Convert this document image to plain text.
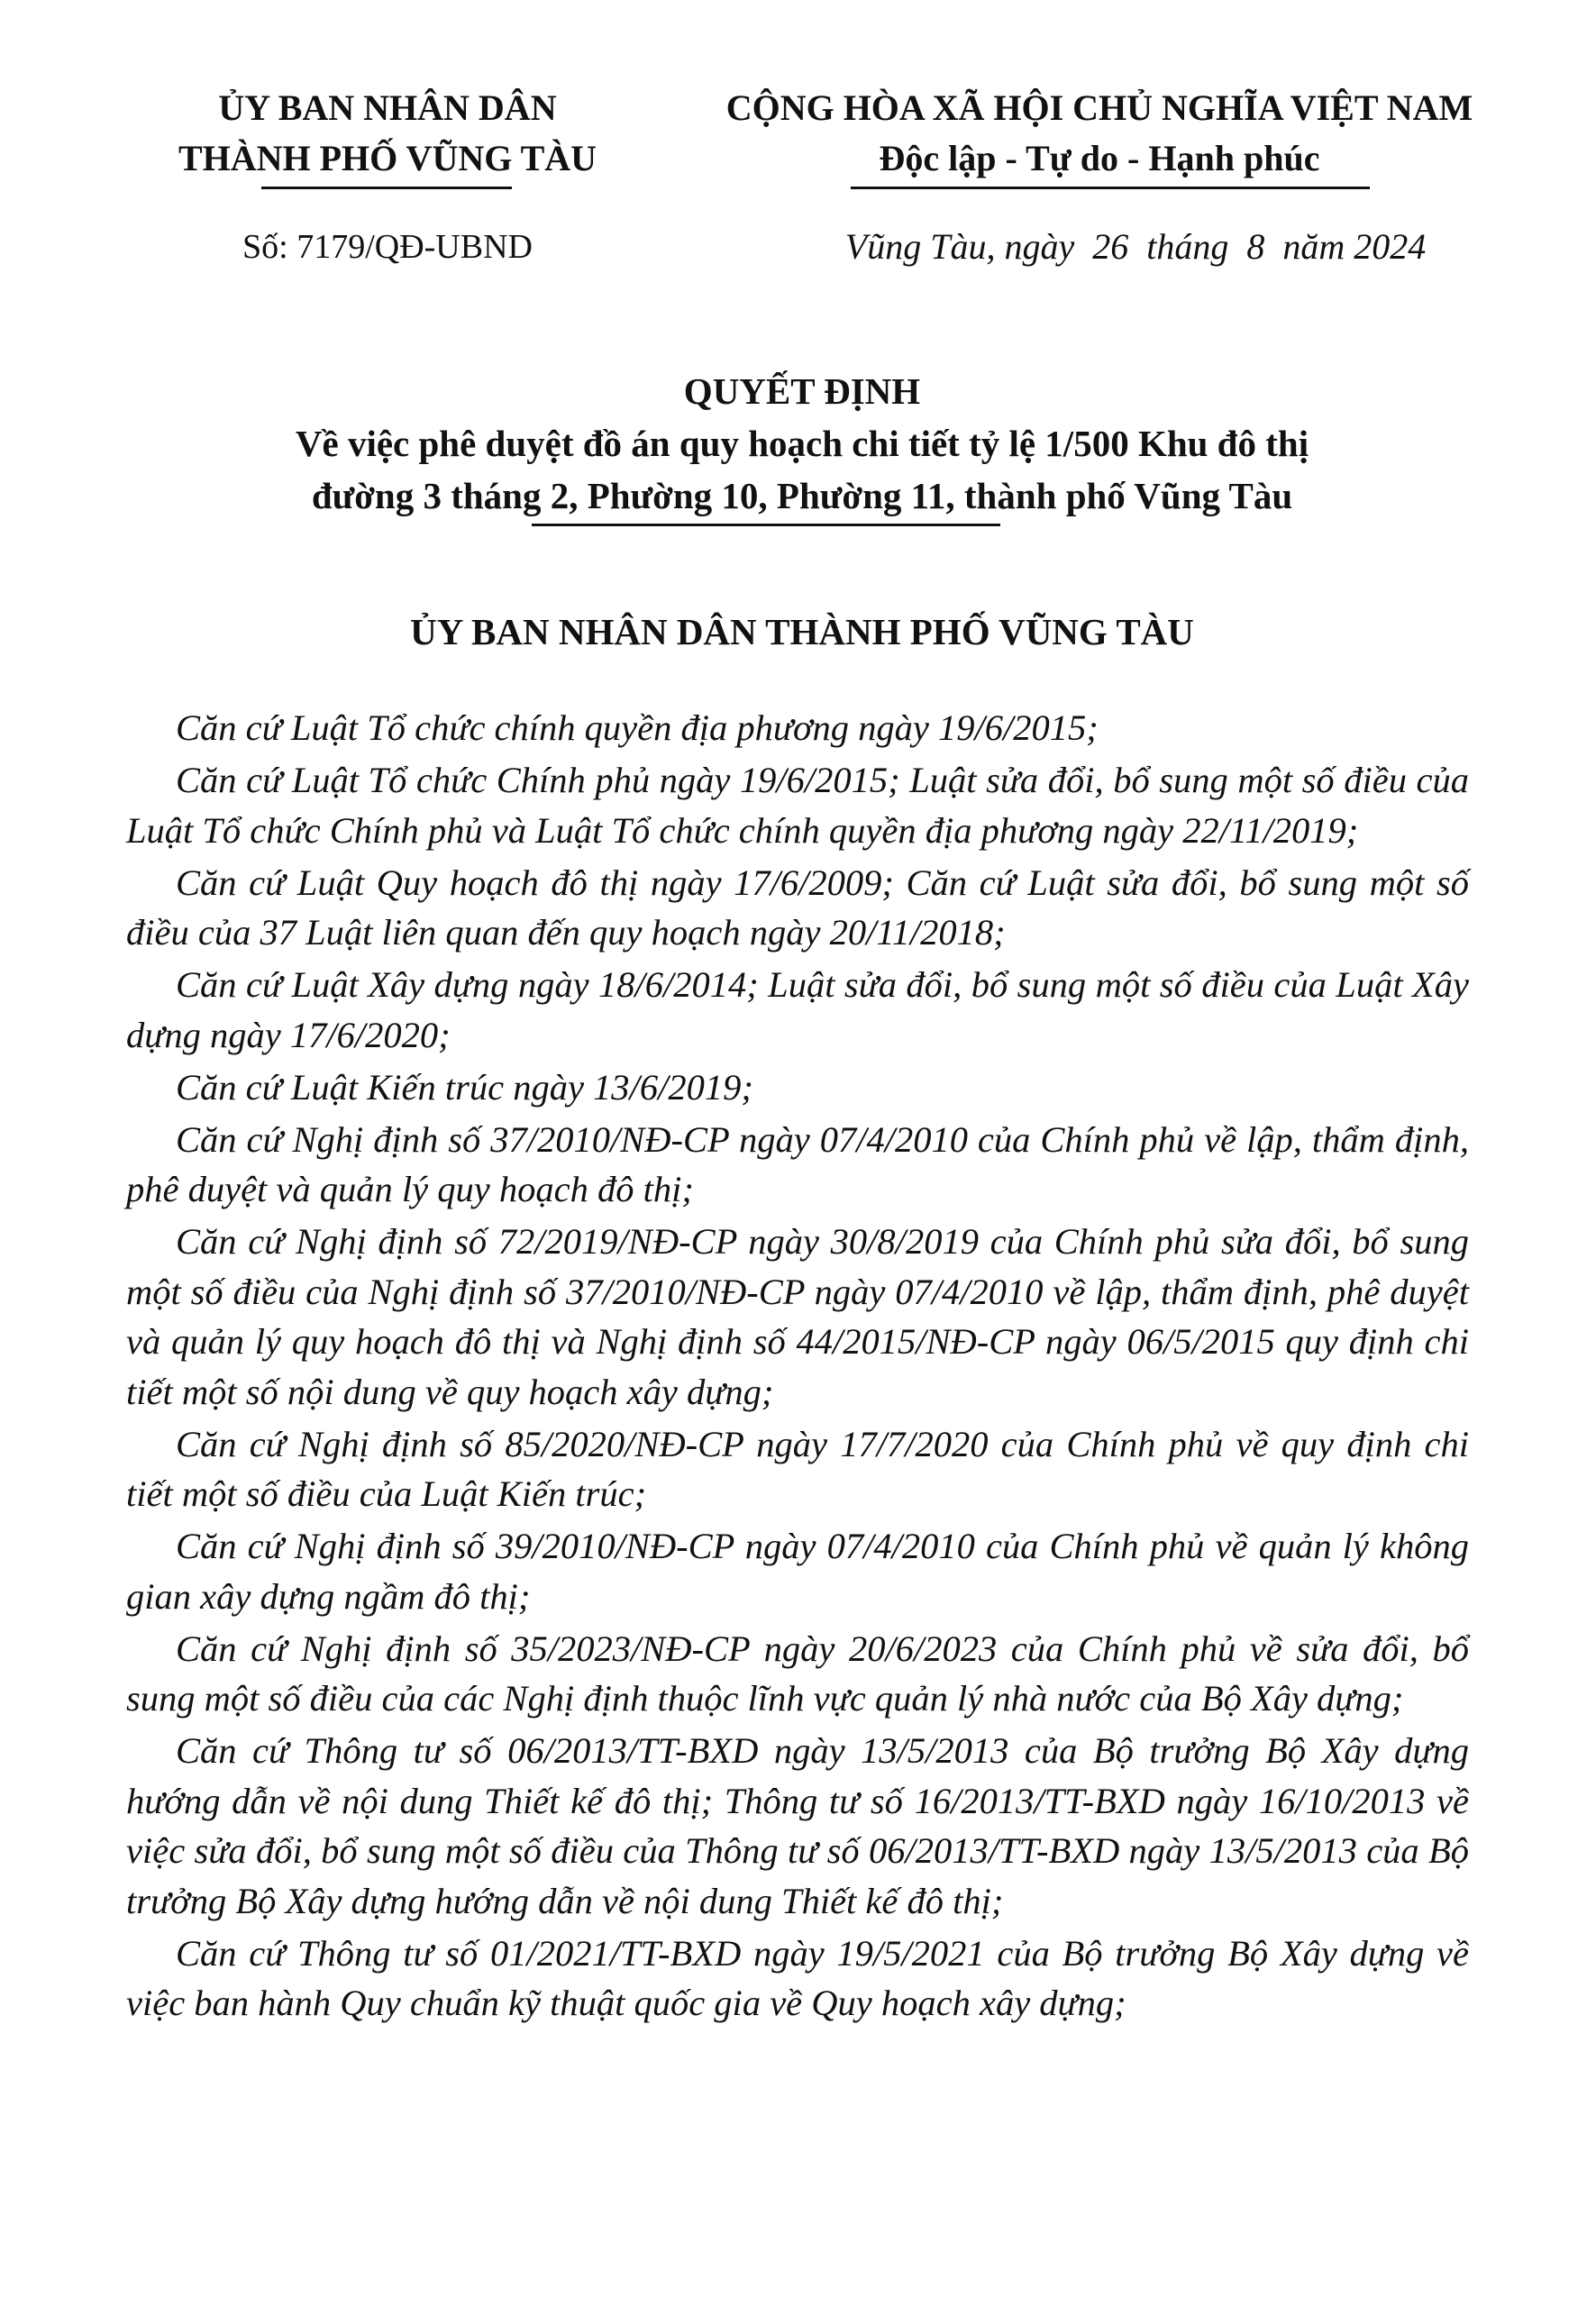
ỦY BAN NHÂN DÂN
THÀNH PHỐ VŨNG TÀU
CỘNG HÒA XÃ HỘI CHỦ NGHĨA VIỆT NAM
Độc lập - Tự do - Hạnh phúc
Số: 7179/QĐ-UBND	Vũng Tàu, ngày  26  tháng  8  năm 2024
QUYẾT ĐỊNH
Về việc phê duyệt đồ án quy hoạch chi tiết tỷ lệ 1/500 Khu đô thị
đường 3 tháng 2, Phường 10, Phường 11, thành phố Vũng Tàu
ỦY BAN NHÂN DÂN THÀNH PHỐ VŨNG TÀU

Căn cứ Luật Tổ chức chính quyền địa phương ngày 19/6/2015;

Căn cứ Luật Tổ chức Chính phủ ngày 19/6/2015; Luật sửa đổi, bổ sung một số điều của Luật Tổ chức Chính phủ và Luật Tổ chức chính quyền địa phương ngày 22/11/2019;

Căn cứ Luật Quy hoạch đô thị ngày 17/6/2009; Căn cứ Luật sửa đổi, bổ sung một số điều của 37 Luật liên quan đến quy hoạch ngày 20/11/2018;

Căn cứ Luật Xây dựng ngày 18/6/2014; Luật sửa đổi, bổ sung một số điều của Luật Xây dựng ngày 17/6/2020;

Căn cứ Luật Kiến trúc ngày 13/6/2019;

Căn cứ Nghị định số 37/2010/NĐ-CP ngày 07/4/2010 của Chính phủ về lập, thẩm định, phê duyệt và quản lý quy hoạch đô thị;

Căn cứ Nghị định số 72/2019/NĐ-CP ngày 30/8/2019 của Chính phủ sửa đổi, bổ sung một số điều của Nghị định số 37/2010/NĐ-CP ngày 07/4/2010 về lập, thẩm định, phê duyệt và quản lý quy hoạch đô thị và Nghị định số 44/2015/NĐ-CP ngày 06/5/2015 quy định chi tiết một số nội dung về quy hoạch xây dựng;

Căn cứ Nghị định số 85/2020/NĐ-CP ngày 17/7/2020 của Chính phủ về quy định chi tiết một số điều của Luật Kiến trúc;

Căn cứ Nghị định số 39/2010/NĐ-CP ngày 07/4/2010 của Chính phủ về quản lý không gian xây dựng ngầm đô thị;

Căn cứ Nghị định số 35/2023/NĐ-CP ngày 20/6/2023 của Chính phủ về sửa đổi, bổ sung một số điều của các Nghị định thuộc lĩnh vực quản lý nhà nước của Bộ Xây dựng;

Căn cứ Thông tư số 06/2013/TT-BXD ngày 13/5/2013 của Bộ trưởng Bộ Xây dựng hướng dẫn về nội dung Thiết kế đô thị; Thông tư số 16/2013/TT-BXD ngày 16/10/2013 về việc sửa đổi, bổ sung một số điều của Thông tư số 06/2013/TT-BXD ngày 13/5/2013 của Bộ trưởng Bộ Xây dựng hướng dẫn về nội dung Thiết kế đô thị;

Căn cứ Thông tư số 01/2021/TT-BXD ngày 19/5/2021 của Bộ trưởng Bộ Xây dựng về việc ban hành Quy chuẩn kỹ thuật quốc gia về Quy hoạch xây dựng;
